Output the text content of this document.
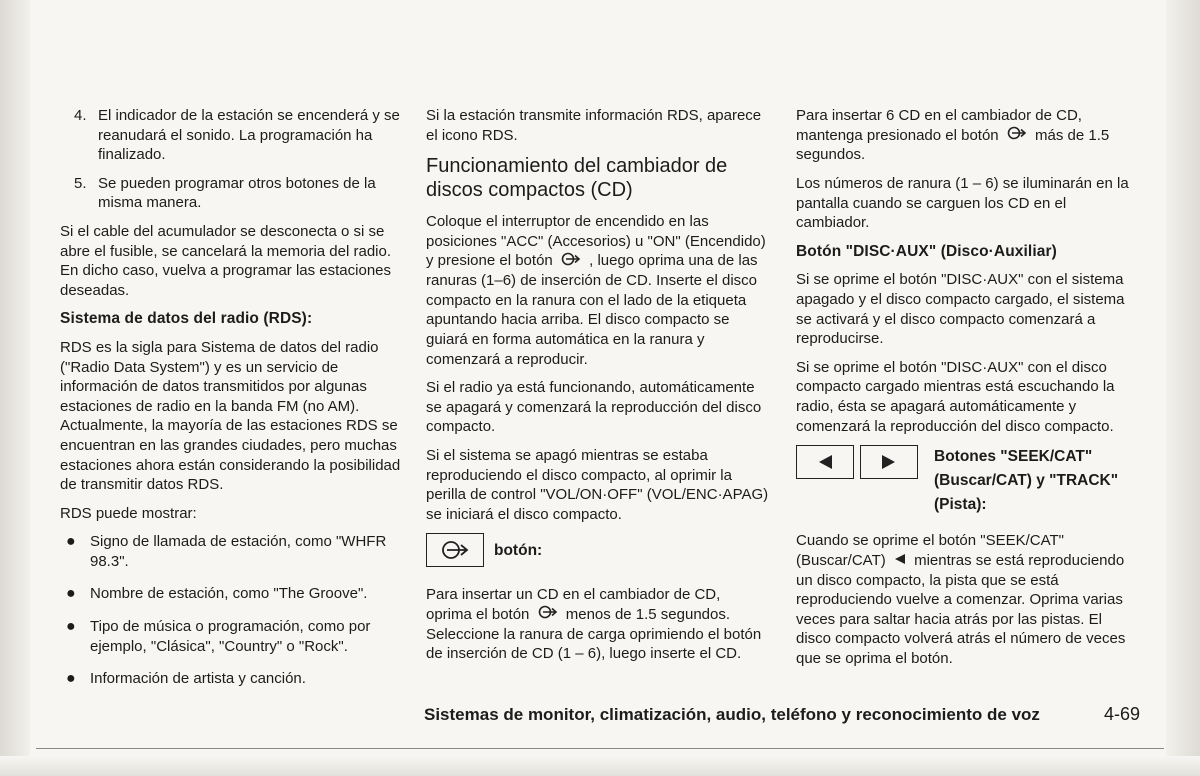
4. El indicador de la estación se encenderá y se reanudará el sonido. La programación ha finalizado.
5. Se pueden programar otros botones de la misma manera.

Si el cable del acumulador se desconecta o si se abre el fusible, se cancelará la memoria del radio. En dicho caso, vuelva a programar las estaciones deseadas.

Sistema de datos del radio (RDS):

RDS es la sigla para Sistema de datos del radio ("Radio Data System") y es un servicio de información de datos transmitidos por algunas estaciones de radio en la banda FM (no AM). Actualmente, la mayoría de las estaciones RDS se encuentran en las grandes ciudades, pero muchas estaciones ahora están considerando la posibilidad de transmitir datos RDS.

RDS puede mostrar:

● Signo de llamada de estación, como "WHFR 98.3".
● Nombre de estación, como "The Groove".
● Tipo de música o programación, como por ejemplo, "Clásica", "Country" o "Rock".
● Información de artista y canción.

Si la estación transmite información RDS, aparece el icono RDS.

Funcionamiento del cambiador de discos compactos (CD)

Coloque el interruptor de encendido en las posiciones "ACC" (Accesorios) u "ON" (Encendido) y presione el botón , luego oprima una de las ranuras (1–6) de inserción de CD. Inserte el disco compacto en la ranura con el lado de la etiqueta apuntando hacia arriba. El disco compacto se guiará en forma automática en la ranura y comenzará a reproducir.

Si el radio ya está funcionando, automáticamente se apagará y comenzará la reproducción del disco compacto.

Si el sistema se apagó mientras se estaba reproduciendo el disco compacto, al oprimir la perilla de control "VOL/ON·OFF" (VOL/ENC·APAG) se iniciará el disco compacto.

botón:

Para insertar un CD en el cambiador de CD, oprima el botón menos de 1.5 segundos. Seleccione la ranura de carga oprimiendo el botón de inserción de CD (1 – 6), luego inserte el CD.

Para insertar 6 CD en el cambiador de CD, mantenga presionado el botón más de 1.5 segundos.

Los números de ranura (1 – 6) se iluminarán en la pantalla cuando se carguen los CD en el cambiador.

Botón "DISC·AUX" (Disco·Auxiliar)

Si se oprime el botón "DISC·AUX" con el sistema apagado y el disco compacto cargado, el sistema se activará y el disco compacto comenzará a reproducirse.

Si se oprime el botón "DISC·AUX" con el disco compacto cargado mientras está escuchando la radio, ésta se apagará automáticamente y comenzará la reproducción del disco compacto.

Botones "SEEK/CAT"
(Buscar/CAT) y "TRACK"
(Pista):

Cuando se oprime el botón "SEEK/CAT" (Buscar/CAT) mientras se está reproduciendo un disco compacto, la pista que se está reproduciendo vuelve a comenzar. Oprima varias veces para saltar hacia atrás por las pistas. El disco compacto volverá atrás el número de veces que se oprima el botón.

Sistemas de monitor, climatización, audio, teléfono y reconocimiento de voz	4-69
